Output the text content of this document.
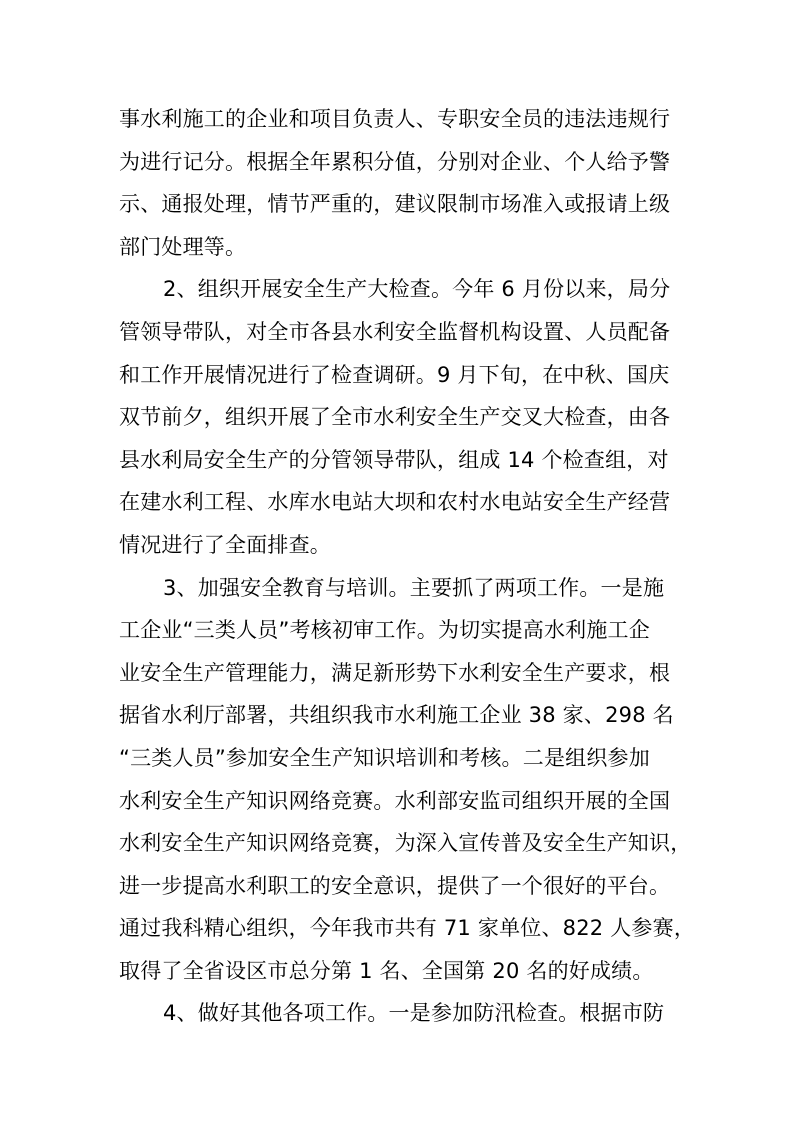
事水利施工的企业和项目负责人、专职安全员的违法违规行
为进行记分。根据全年累积分值，分别对企业、个人给予警
示、通报处理，情节严重的，建议限制市场准入或报请上级
部门处理等。
2、组织开展安全生产大检查。今年 6 月份以来，局分
管领导带队，对全市各县水利安全监督机构设置、人员配备
和工作开展情况进行了检查调研。9 月下旬，在中秋、国庆
双节前夕，组织开展了全市水利安全生产交叉大检查，由各
县水利局安全生产的分管领导带队，组成 14 个检查组，对
在建水利工程、水库水电站大坝和农村水电站安全生产经营
情况进行了全面排查。
3、加强安全教育与培训。主要抓了两项工作。一是施
工企业“三类人员”考核初审工作。为切实提高水利施工企
业安全生产管理能力，满足新形势下水利安全生产要求，根
据省水利厅部署，共组织我市水利施工企业 38 家、298 名
“三类人员”参加安全生产知识培训和考核。二是组织参加
水利安全生产知识网络竞赛。水利部安监司组织开展的全国
水利安全生产知识网络竞赛，为深入宣传普及安全生产知识，
进一步提高水利职工的安全意识，提供了一个很好的平台。
通过我科精心组织，今年我市共有 71 家单位、822 人参赛，
取得了全省设区市总分第 1 名、全国第 20 名的好成绩。
4、做好其他各项工作。一是参加防汛检查。根据市防
